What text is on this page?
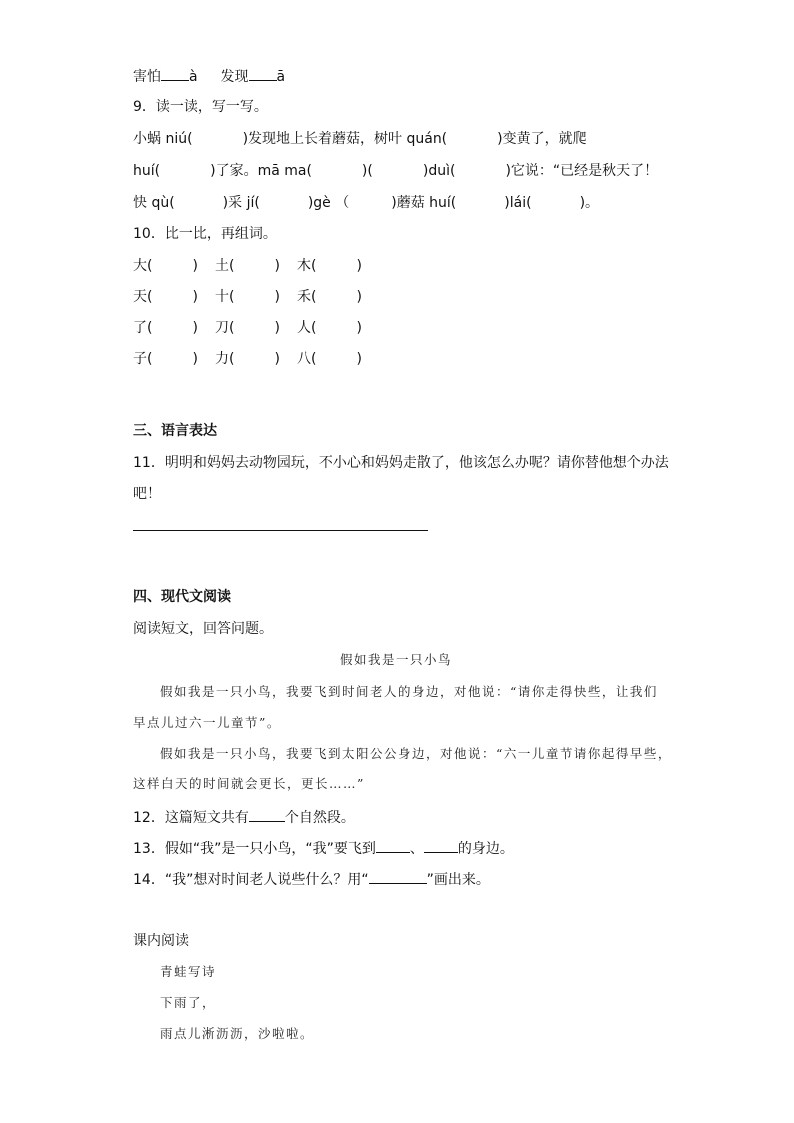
害怕 à 发现 ā
9．读一读，写一写。
小蜗 niú(	)发现地上长着蘑菇，树叶 quán(	)变黄了，就爬
huí(	)了家。mā ma(	)(	)duì(	)它说：“已经是秋天了！
快 qù(	)采 jí(	)gè （	)蘑菇 huí(	)lái(	)。
10．比一比，再组词。
大(	) 土(	) 木(	)
天(	) 十(	) 禾(	)
了(	) 刀(	) 人(	)
子(	) 力(	) 八(	)
三、语言表达
11．明明和妈妈去动物园玩，不小心和妈妈走散了，他该怎么办呢？请你替他想个办法
吧！
四、现代文阅读
阅读短文，回答问题。
假如我是一只小鸟
假如我是一只小鸟，我要飞到时间老人的身边，对他说：“请你走得快些，让我们
早点儿过六一儿童节”。
假如我是一只小鸟，我要飞到太阳公公身边，对他说：“六一儿童节请你起得早些，
这样白天的时间就会更长，更长……”
12．这篇短文共有	个自然段。
13．假如“我”是一只小鸟，“我”要飞到 、 的身边。
14．“我”想对时间老人说些什么？用“	”画出来。
课内阅读
青蛙写诗
下雨了，
雨点儿淅沥沥，沙啦啦。
